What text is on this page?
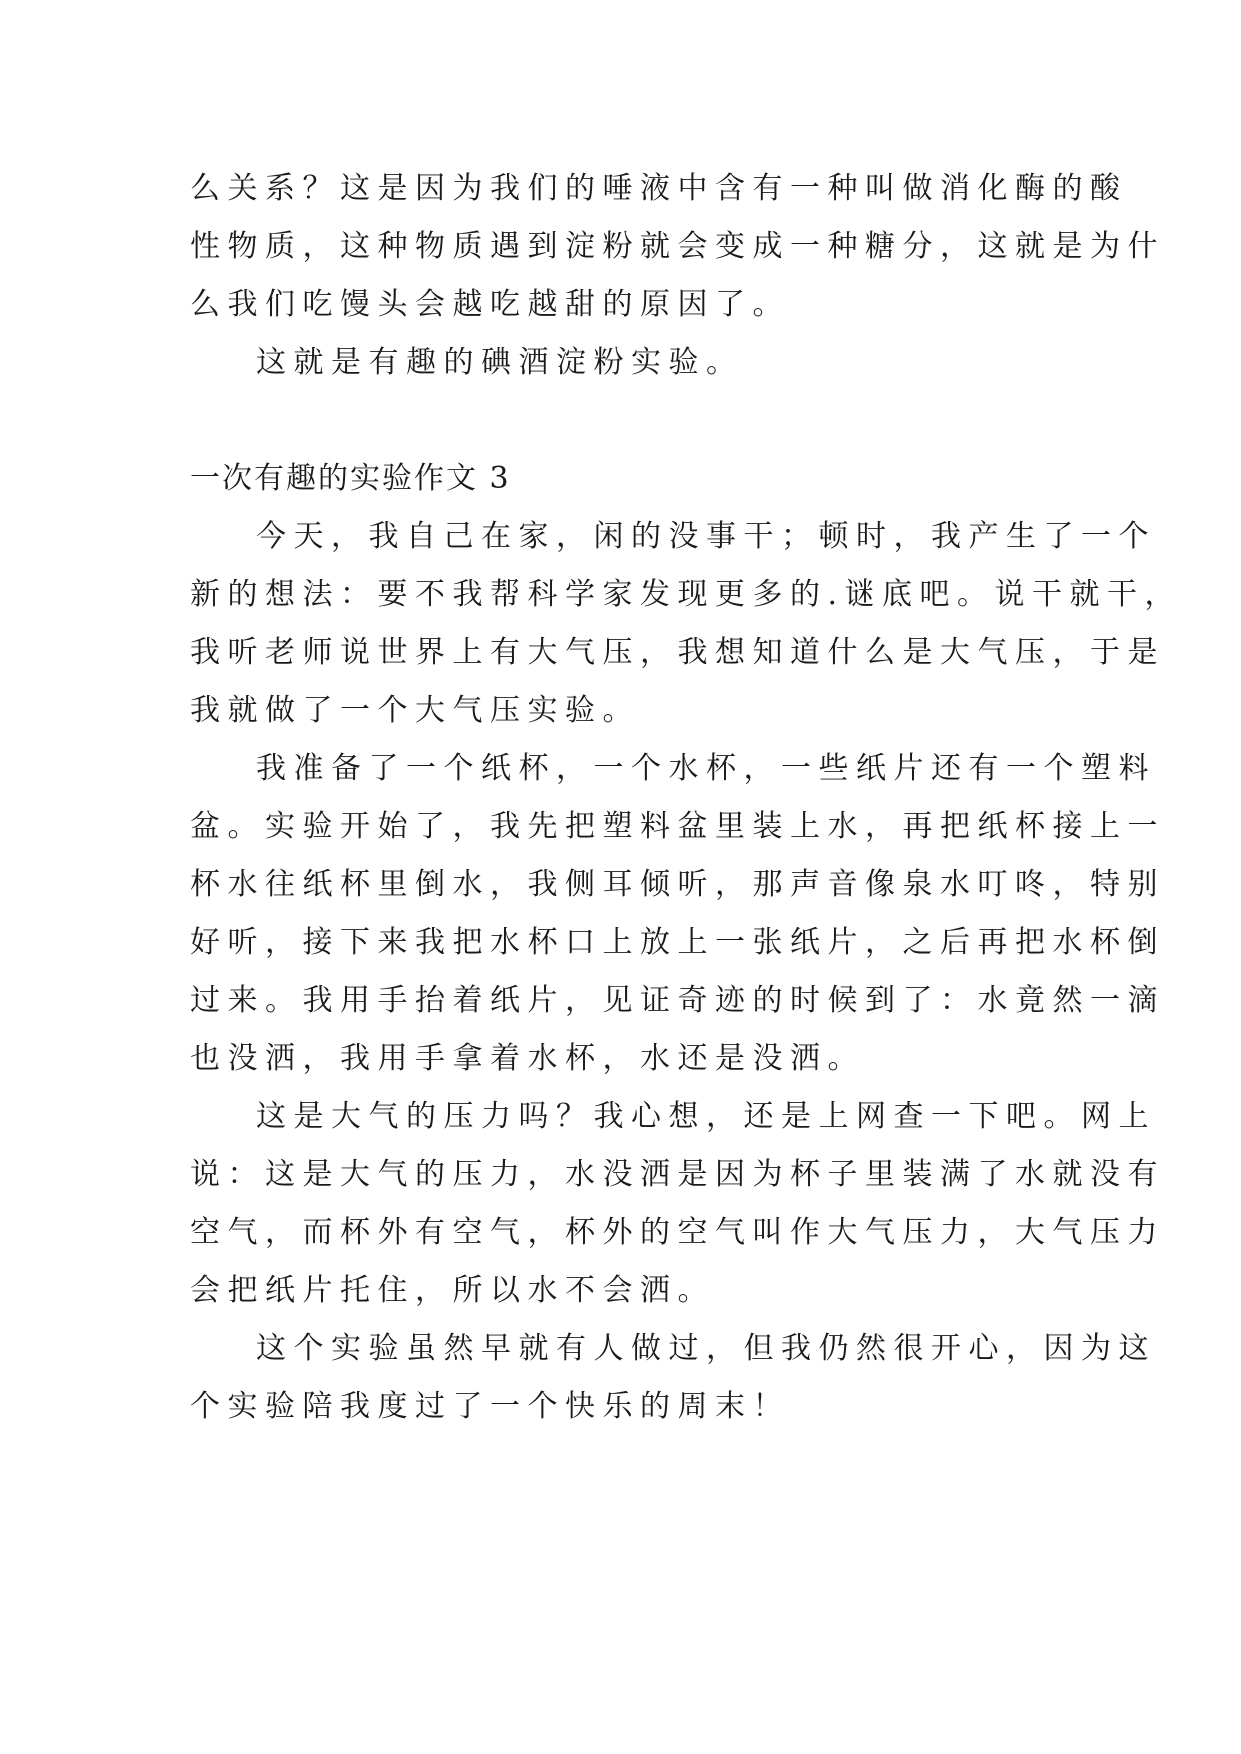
么关系？这是因为我们的唾液中含有一种叫做消化酶的酸
性物质，这种物质遇到淀粉就会变成一种糖分，这就是为什
么我们吃馒头会越吃越甜的原因了。
这就是有趣的碘酒淀粉实验。
一次有趣的实验作文 3
今天，我自己在家，闲的没事干；顿时，我产生了一个
新的想法：要不我帮科学家发现更多的.谜底吧。说干就干，
我听老师说世界上有大气压，我想知道什么是大气压，于是
我就做了一个大气压实验。
我准备了一个纸杯，一个水杯，一些纸片还有一个塑料
盆。实验开始了，我先把塑料盆里装上水，再把纸杯接上一
杯水往纸杯里倒水，我侧耳倾听，那声音像泉水叮咚，特别
好听，接下来我把水杯口上放上一张纸片，之后再把水杯倒
过来。我用手抬着纸片，见证奇迹的时候到了：水竟然一滴
也没洒，我用手拿着水杯，水还是没洒。
这是大气的压力吗？我心想，还是上网查一下吧。网上
说：这是大气的压力，水没洒是因为杯子里装满了水就没有
空气，而杯外有空气，杯外的空气叫作大气压力，大气压力
会把纸片托住，所以水不会洒。
这个实验虽然早就有人做过，但我仍然很开心，因为这
个实验陪我度过了一个快乐的周末！
